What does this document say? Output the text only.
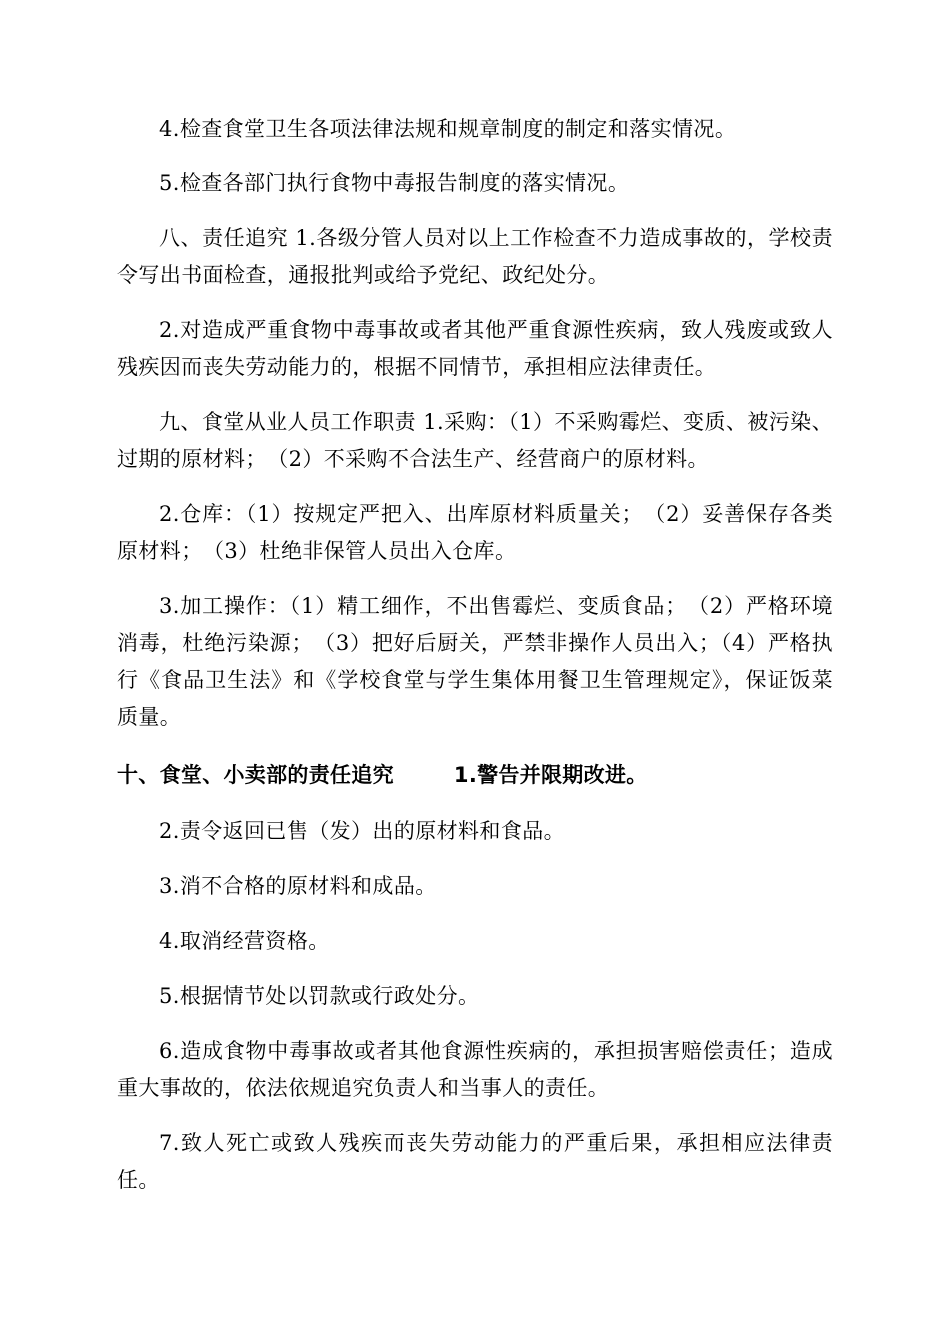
4.检查食堂卫生各项法律法规和规章制度的制定和落实情况。

5.检查各部门执行食物中毒报告制度的落实情况。

八、责任追究 1.各级分管人员对以上工作检查不力造成事故的，学校责令写出书面检查，通报批判或给予党纪、政纪处分。

2.对造成严重食物中毒事故或者其他严重食源性疾病，致人残废或致人残疾因而丧失劳动能力的，根据不同情节，承担相应法律责任。

九、食堂从业人员工作职责 1.采购：（1）不采购霉烂、变质、被污染、过期的原材料；　（2）不采购不合法生产、经营商户的原材料。

2.仓库：（1）按规定严把入、出库原材料质量关；　（2）妥善保存各类原材料；　（3）杜绝非保管人员出入仓库。

3.加工操作：（1）精工细作，不出售霉烂、变质食品；　（2）严格环境消毒，杜绝污染源；　（3）把好后厨关，严禁非操作人员出入；（4）严格执行《食品卫生法》和《学校食堂与学生集体用餐卫生管理规定》，保证饭菜质量。

十、食堂、小卖部的责任追究	1.警告并限期改进。

2.责令返回已售（发）出的原材料和食品。

3.消不合格的原材料和成品。

4.取消经营资格。

5.根据情节处以罚款或行政处分。

6.造成食物中毒事故或者其他食源性疾病的，承担损害赔偿责任；造成重大事故的，依法依规追究负责人和当事人的责任。

7.致人死亡或致人残疾而丧失劳动能力的严重后果，承担相应法律责任。
